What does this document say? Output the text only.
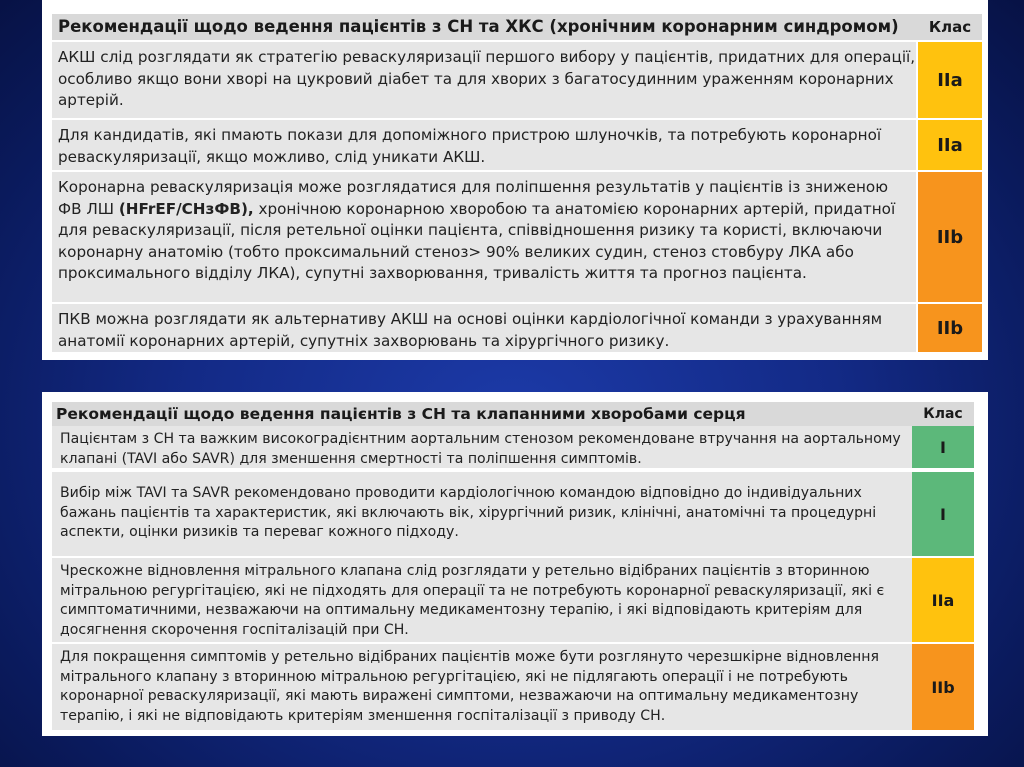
Рекомендації щодо ведення пацієнтів з СН та ХКС (хронічним коронарним синдромом)	Клас
АКШ слід розглядати як стратегію реваскуляризації першого вибору у пацієнтів, придатних для операції, особливо якщо вони хворі на цукровий діабет та для хворих з багатосудинним ураженням коронарних артерій.
IIa
Для кандидатів, які пмають покази для допоміжного пристрою шлуночків, та потребують коронарної реваскуляризації, якщо можливо, слід уникати АКШ.
IIa
Коронарна реваскуляризація може розглядатися для поліпшення результатів у пацієнтів із зниженою ФВ ЛШ (HFrEF/СНзФВ), хронічною коронарною хворобою та анатомією коронарних артерій, придатної для реваскуляризації, після ретельної оцінки пацієнта, співвідношення ризику та користі, включаючи коронарну анатомію (тобто проксимальний стеноз> 90% великих судин, стеноз стовбуру ЛКА або проксимального відділу ЛКА), супутні захворювання, тривалість життя та прогноз пацієнта.
IIb
ПКВ можна розглядати як альтернативу АКШ на основі оцінки кардіологічної команди з урахуванням анатомії коронарних артерій, супутніх захворювань та хірургічного ризику.
IIb
Рекомендації щодо ведення пацієнтів з СН та клапанними хворобами серця	Клас
Пацієнтам з СН та важким високоградієнтним аортальним стенозом рекомендоване втручання на аортальному клапані (TAVI або SAVR) для зменшення смертності та поліпшення симптомів.
I
Вибір між TAVI та SAVR рекомендовано проводити кардіологічною командою відповідно до індивідуальних бажань пацієнтів та характеристик, які включають вік, хірургічний ризик, клінічні, анатомічні та процедурні аспекти, оцінки ризиків та переваг кожного підходу.
I
Чрескожне відновлення мітрального клапана слід розглядати у ретельно відібраних пацієнтів з вторинною мітральною регургітацією, які не підходять для операції та не потребують коронарної реваскуляризації, які є симптоматичними, незважаючи на оптимальну медикаментозну терапію, і які відповідають критеріям для досягнення скорочення госпіталізацій при СН.
IIa
Для покращення симптомів у ретельно відібраних пацієнтів може бути розглянуто черезшкірне відновлення мітрального клапану з вторинною мітральною регургітацією, які не підлягають операції і не потребують коронарної реваскуляризації, які мають виражені симптоми, незважаючи на оптимальну медикаментозну терапію, і які не відповідають критеріям зменшення госпіталізації з приводу СН.
IIb
